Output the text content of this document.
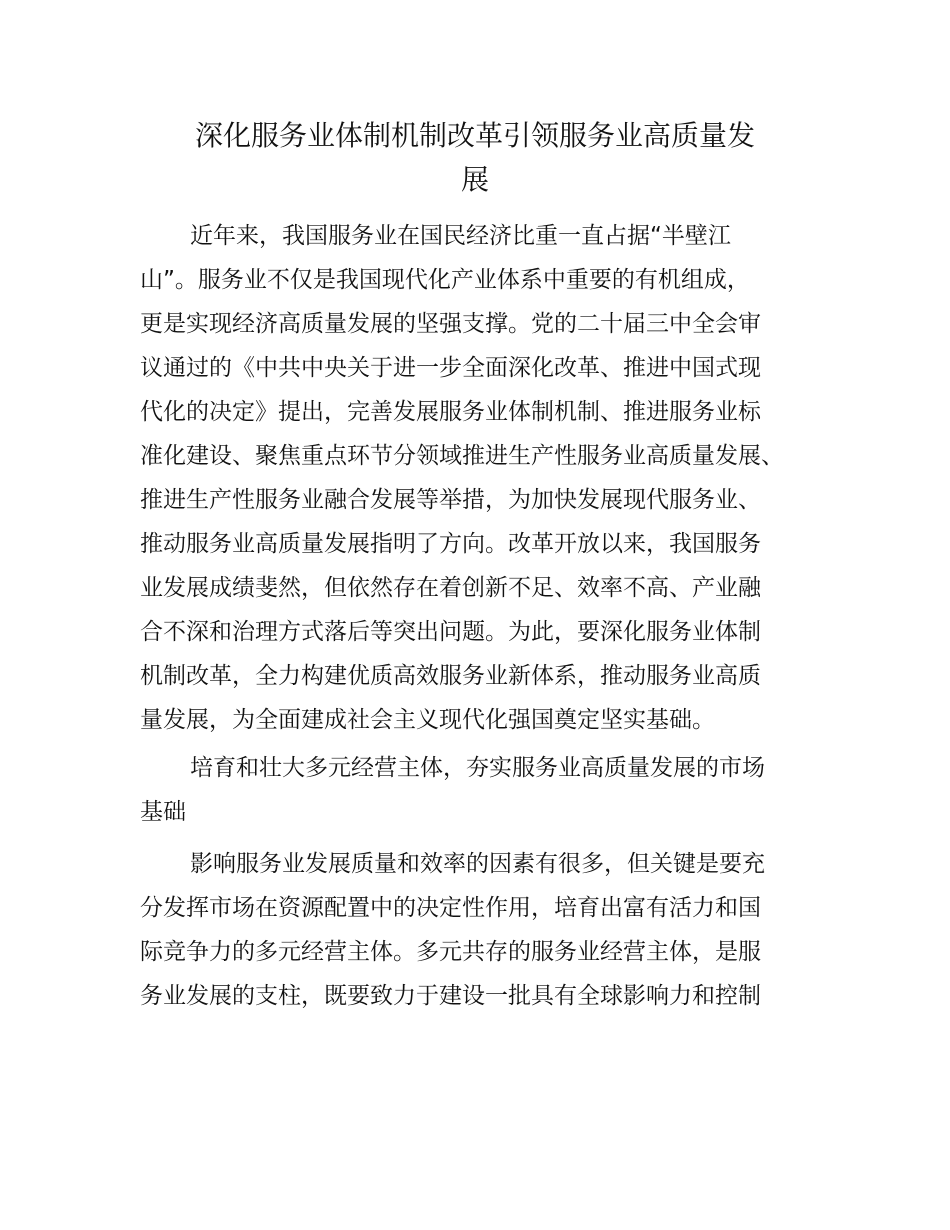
深化服务业体制机制改革引领服务业高质量发
展

近年来，我国服务业在国民经济比重一直占据“半壁江

山”。服务业不仅是我国现代化产业体系中重要的有机组成，

更是实现经济高质量发展的坚强支撑。党的二十届三中全会审

议通过的《中共中央关于进一步全面深化改革、推进中国式现

代化的决定》提出，完善发展服务业体制机制、推进服务业标

准化建设、聚焦重点环节分领域推进生产性服务业高质量发展、

推进生产性服务业融合发展等举措，为加快发展现代服务业、

推动服务业高质量发展指明了方向。改革开放以来，我国服务

业发展成绩斐然，但依然存在着创新不足、效率不高、产业融

合不深和治理方式落后等突出问题。为此，要深化服务业体制

机制改革，全力构建优质高效服务业新体系，推动服务业高质

量发展，为全面建成社会主义现代化强国奠定坚实基础。

培育和壮大多元经营主体，夯实服务业高质量发展的市场

基础

影响服务业发展质量和效率的因素有很多，但关键是要充

分发挥市场在资源配置中的决定性作用，培育出富有活力和国

际竞争力的多元经营主体。多元共存的服务业经营主体，是服

务业发展的支柱，既要致力于建设一批具有全球影响力和控制
